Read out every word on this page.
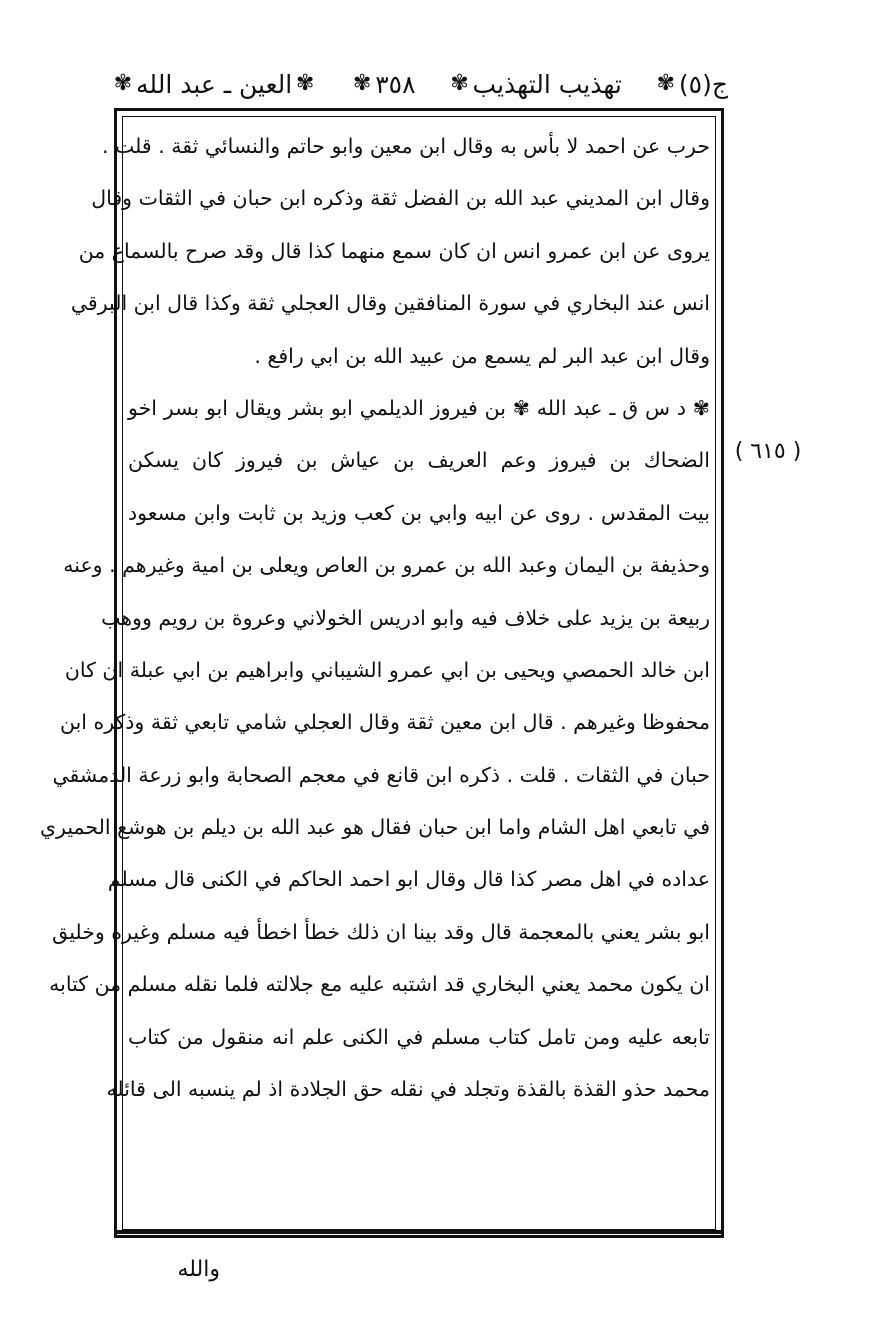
ج(٥)
✾
تهذيب التهذيب
✾
٣٥٨
✾
✾
العين ـ عبد الله
✾
حرب عن احمد لا بأس به وقال ابن معين وابو حاتم والنسائي ثقة . قلت .
وقال ابن المديني عبد الله بن الفضل ثقة وذكره ابن حبان في الثقات وقال
يروى عن ابن عمرو انس ان كان سمع منهما كذا قال وقد صرح بالسماع من
انس عند البخاري في سورة المنافقين وقال العجلي ثقة وكذا قال ابن البرقي
وقال ابن عبد البر لم يسمع من عبيد الله بن ابي رافع .
✾ د س ق ـ عبد الله ✾ بن فيروز الديلمي ابو بشر ويقال ابو بسر اخو
الضحاك بن فيروز وعم العريف بن عياش بن فيروز كان يسكن
بيت المقدس . روى عن ابيه وابي بن كعب وزيد بن ثابت وابن مسعود
وحذيفة بن اليمان وعبد الله بن عمرو بن العاص ويعلى بن امية وغيرهم . وعنه
ربيعة بن يزيد على خلاف فيه وابو ادريس الخولاني وعروة بن رويم ووهب
ابن خالد الحمصي ويحيى بن ابي عمرو الشيباني وابراهيم بن ابي عبلة ان كان
محفوظا وغيرهم . قال ابن معين ثقة وقال العجلي شامي تابعي ثقة وذكره ابن
حبان في الثقات . قلت . ذكره ابن قانع في معجم الصحابة وابو زرعة الدمشقي
في تابعي اهل الشام واما ابن حبان فقال هو عبد الله بن ديلم بن هوشع الحميري
عداده في اهل مصر كذا قال وقال ابو احمد الحاكم في الكنى قال مسلم
ابو بشر يعني بالمعجمة قال وقد بينا ان ذلك خطأ اخطأ فيه مسلم وغيره وخليق
ان يكون محمد يعني البخاري قد اشتبه عليه مع جلالته فلما نقله مسلم من كتابه
تابعه عليه ومن تامل كتاب مسلم في الكنى علم انه منقول من كتاب
محمد حذو القذة بالقذة وتجلد في نقله حق الجلادة اذ لم ينسبه الى قائله
( ٦١٥ )
والله
